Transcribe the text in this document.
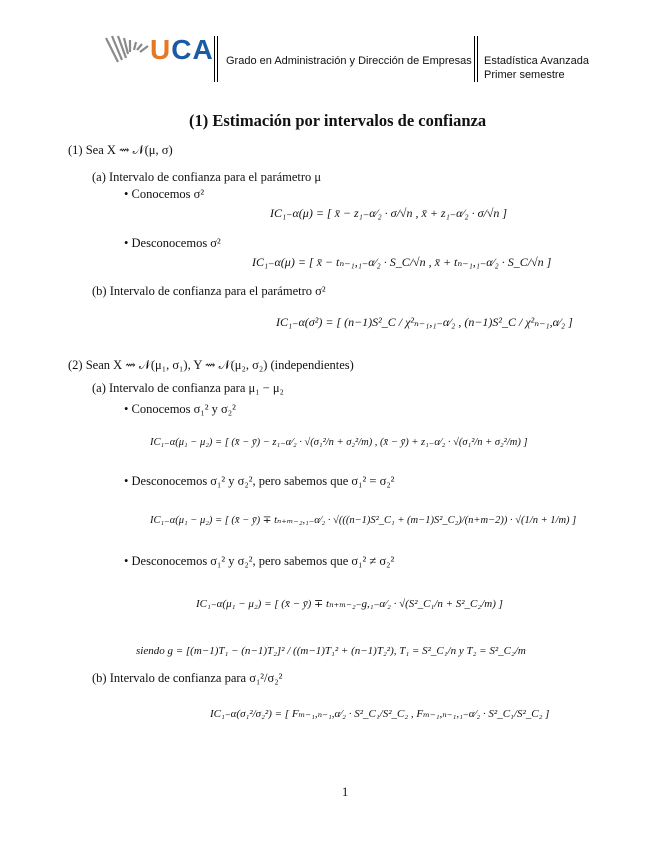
UCA Grado en Administración y Dirección de Empresas Estadística Avanzada
Primer semestre
(1) Estimación por intervalos de confianza
(1) Sea X ⇝ 𝒩(μ, σ)
(a) Intervalo de confianza para el parámetro μ
• Conocemos σ²
IC₁₋α(μ) = [ x̄ − z₁₋α⁄₂ · σ/√n , x̄ + z₁₋α⁄₂ · σ/√n ]
• Desconocemos σ²
IC₁₋α(μ) = [ x̄ − tₙ₋₁,₁₋α⁄₂ · S_C/√n , x̄ + tₙ₋₁,₁₋α⁄₂ · S_C/√n ]
(b) Intervalo de confianza para el parámetro σ²
IC₁₋α(σ²) = [ (n−1)S²_C / χ²ₙ₋₁,₁₋α⁄₂ , (n−1)S²_C / χ²ₙ₋₁,α⁄₂ ]
(2) Sean X ⇝ 𝒩(μ₁, σ₁), Y ⇝ 𝒩(μ₂, σ₂) (independientes)
(a) Intervalo de confianza para μ₁ − μ₂
• Conocemos σ₁² y σ₂²
IC₁₋α(μ₁ − μ₂) = [ (x̄ − ȳ) − z₁₋α⁄₂ · √(σ₁²/n + σ₂²/m) , (x̄ − ȳ) + z₁₋α⁄₂ · √(σ₁²/n + σ₂²/m) ]
• Desconocemos σ₁² y σ₂², pero sabemos que σ₁² = σ₂²
IC₁₋α(μ₁ − μ₂) = [ (x̄ − ȳ) ∓ tₙ₊ₘ₋₂,₁₋α⁄₂ · √(((n−1)S²_C₁ + (m−1)S²_C₂)/(n+m−2)) · √(1/n + 1/m) ]
• Desconocemos σ₁² y σ₂², pero sabemos que σ₁² ≠ σ₂²
IC₁₋α(μ₁ − μ₂) = [ (x̄ − ȳ) ∓ tₙ₊ₘ₋₂₋g,₁₋α⁄₂ · √(S²_C₁/n + S²_C₂/m) ]
siendo g = [(m−1)T₁ − (n−1)T₂]² / ((m−1)T₁² + (n−1)T₂²), T₁ = S²_C₁/n y T₂ = S²_C₂/m
(b) Intervalo de confianza para σ₁²/σ₂²
IC₁₋α(σ₁²/σ₂²) = [ Fₘ₋₁,ₙ₋₁,α⁄₂ · S²_C₁/S²_C₂ , Fₘ₋₁,ₙ₋₁,₁₋α⁄₂ · S²_C₁/S²_C₂ ]
1
